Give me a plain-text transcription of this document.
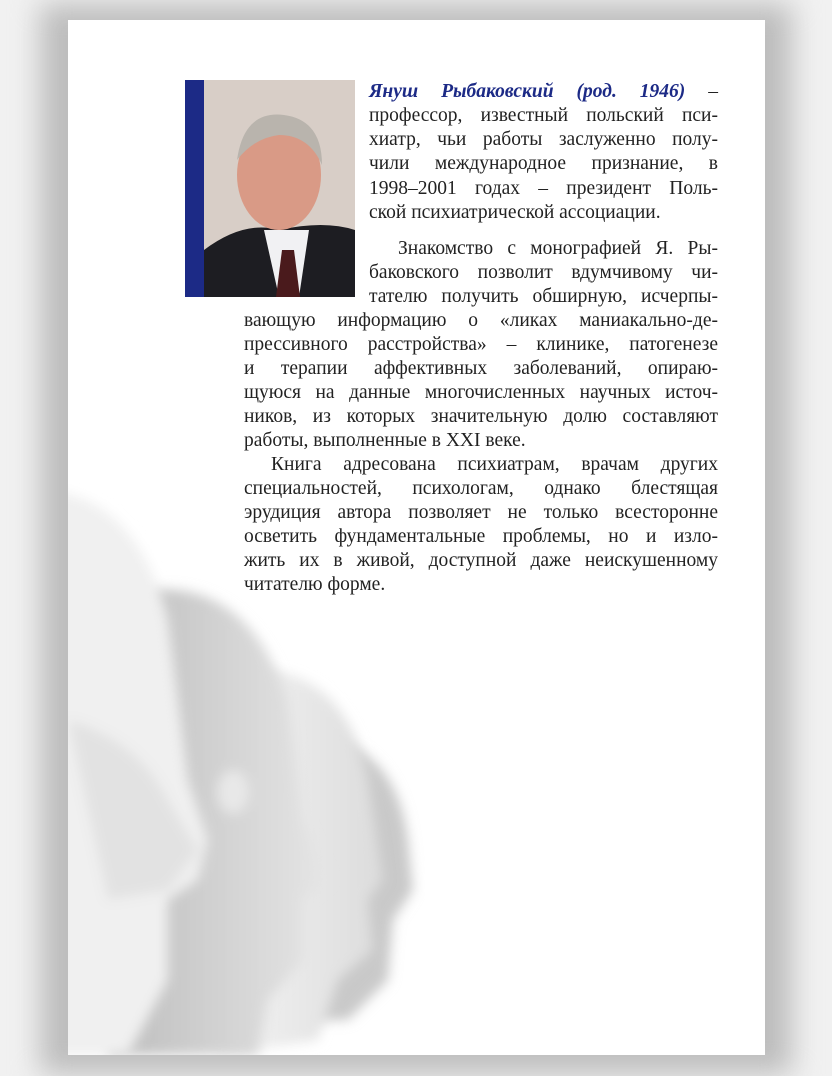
Януш Рыбаковский (род. 1946) –
профессор, известный польский пси-
хиатр, чьи работы заслуженно полу-
чили международное признание, в
1998–2001 годах – президент Поль-
ской психиатрической ассоциации.
Знакомство с монографией Я. Ры-
баковского позволит вдумчивому чи-
тателю получить обширную, исчерпы-
вающую информацию о «ликах маниакально-де-
прессивного расстройства» – клинике, патогенезе
и терапии аффективных заболеваний, опираю-
щуюся на данные многочисленных научных источ-
ников, из которых значительную долю составляют
работы, выполненные в XXI веке.
Книга адресована психиатрам, врачам других
специальностей, психологам, однако блестящая
эрудиция автора позволяет не только всесторонне
осветить фундаментальные проблемы, но и изло-
жить их в живой, доступной даже неискушенному
читателю форме.
